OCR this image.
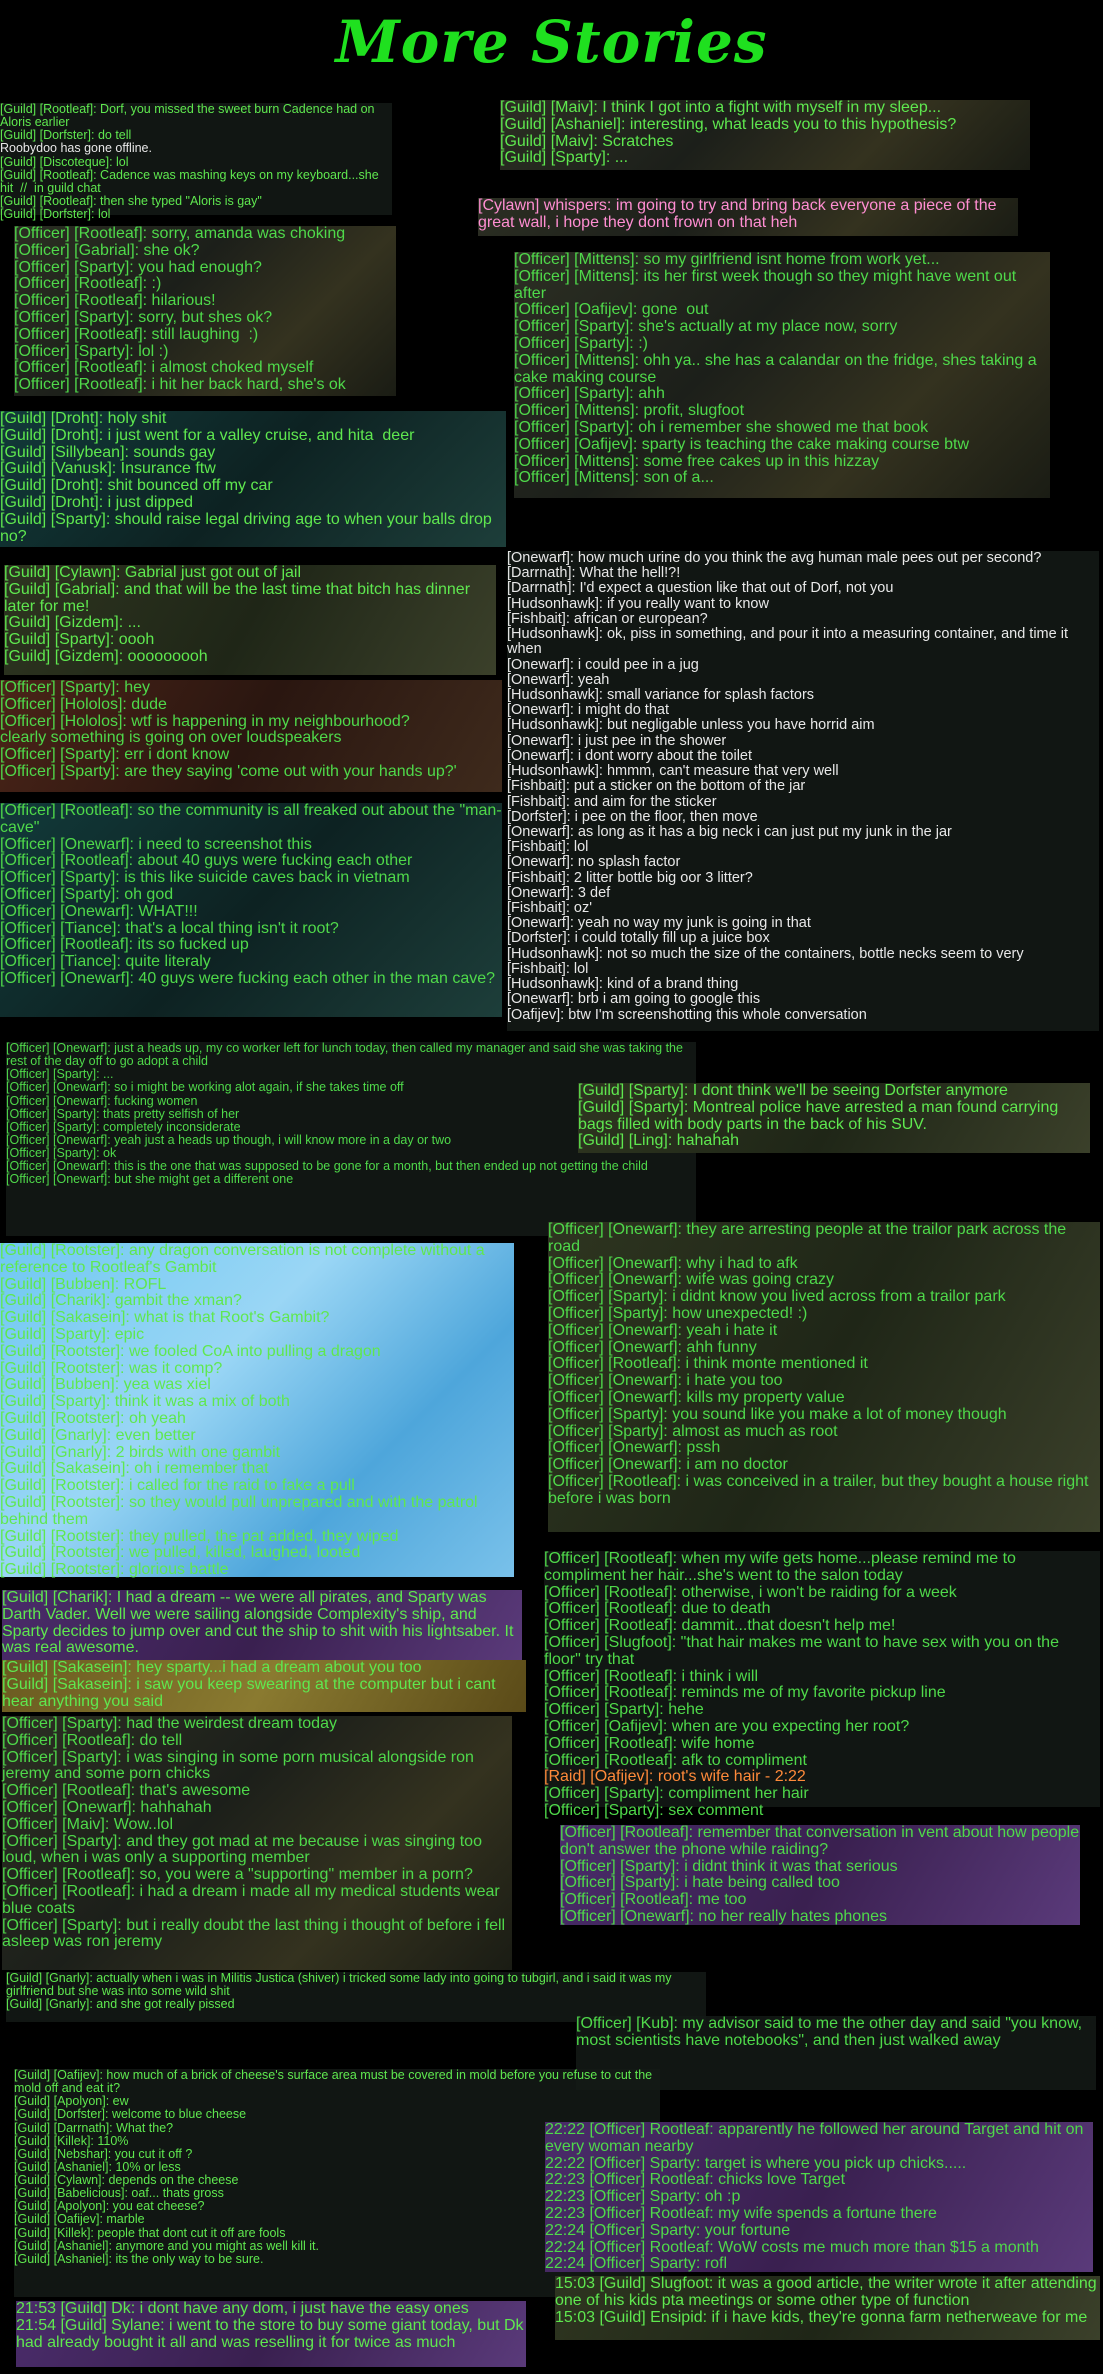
More Stories
[Guild] [Rootleaf]: Dorf, you missed the sweet burn Cadence had on Aloris earlier
[Guild] [Dorfster]: do tell
Roobydoo has gone offline.
[Guild] [Discoteque]: lol
[Guild] [Rootleaf]: Cadence was mashing keys on my keyboard...she hit  //  in guild chat
[Guild] [Rootleaf]: then she typed "Aloris is gay"
[Guild] [Dorfster]: lol
[Guild] [Maiv]: I think I got into a fight with myself in my sleep...
[Guild] [Ashaniel]: interesting, what leads you to this hypothesis?
[Guild] [Maiv]: Scratches
[Guild] [Sparty]: ...
[Cylawn] whispers: im going to try and bring back everyone a piece of the great wall, i hope they dont frown on that heh
[Officer] [Rootleaf]: sorry, amanda was choking
[Officer] [Gabrial]: she ok?
[Officer] [Sparty]: you had enough?
[Officer] [Rootleaf]: :)
[Officer] [Rootleaf]: hilarious!
[Officer] [Sparty]: sorry, but shes ok?
[Officer] [Rootleaf]: still laughing  :)
[Officer] [Sparty]: lol :)
[Officer] [Rootleaf]: i almost choked myself
[Officer] [Rootleaf]: i hit her back hard, she's ok
[Officer] [Mittens]: so my girlfriend isnt home from work yet...
[Officer] [Mittens]: its her first week though so they might have went out after
[Officer] [Oafijev]: gone  out
[Officer] [Sparty]: she's actually at my place now, sorry
[Officer] [Sparty]: :)
[Officer] [Mittens]: ohh ya.. she has a calandar on the fridge, shes taking a cake making course
[Officer] [Sparty]: ahh
[Officer] [Mittens]: profit, slugfoot
[Officer] [Sparty]: oh i remember she showed me that book
[Officer] [Oafijev]: sparty is teaching the cake making course btw
[Officer] [Mittens]: some free cakes up in this hizzay
[Officer] [Mittens]: son of a...
[Guild] [Droht]: holy shit
[Guild] [Droht]: i just went for a valley cruise, and hita  deer
[Guild] [Sillybean]: sounds gay
[Guild] [Vanusk]: Insurance ftw
[Guild] [Droht]: shit bounced off my car
[Guild] [Droht]: i just dipped
[Guild] [Sparty]: should raise legal driving age to when your balls drop no?
[Guild] [Cylawn]: Gabrial just got out of jail
[Guild] [Gabrial]: and that will be the last time that bitch has dinner later for me!
[Guild] [Gizdem]: ...
[Guild] [Sparty]: oooh
[Guild] [Gizdem]: ooooooooh
[Onewarf]: how much urine do you think the avg human male pees out per second?
[Darrnath]: What the hell!?!
[Darrnath]: I'd expect a question like that out of Dorf, not you
[Hudsonhawk]: if you really want to know
[Fishbait]: african or european?
[Hudsonhawk]: ok, piss in something, and pour it into a measuring container, and time it when
[Onewarf]: i could pee in a jug
[Onewarf]: yeah
[Hudsonhawk]: small variance for splash factors
[Onewarf]: i might do that
[Hudsonhawk]: but negligable unless you have horrid aim
[Onewarf]: i just pee in the shower
[Onewarf]: i dont worry about the toilet
[Hudsonhawk]: hmmm, can't measure that very well
[Fishbait]: put a sticker on the bottom of the jar
[Fishbait]: and aim for the sticker
[Dorfster]: i pee on the floor, then move
[Onewarf]: as long as it has a big neck i can just put my junk in the jar
[Fishbait]: lol
[Onewarf]: no splash factor
[Fishbait]: 2 litter bottle big oor 3 litter?
[Onewarf]: 3 def
[Fishbait]: oz'
[Onewarf]: yeah no way my junk is going in that
[Dorfster]: i could totally fill up a juice box
[Hudsonhawk]: not so much the size of the containers, bottle necks seem to very
[Fishbait]: lol
[Hudsonhawk]: kind of a brand thing
[Onewarf]: brb i am going to google this
[Oafijev]: btw I'm screenshotting this whole conversation
[Officer] [Sparty]: hey
[Officer] [Hololos]: dude
[Officer] [Hololos]: wtf is happening in my neighbourhood?
clearly something is going on over loudspeakers
[Officer] [Sparty]: err i dont know
[Officer] [Sparty]: are they saying 'come out with your hands up?'
[Officer] [Rootleaf]: so the community is all freaked out about the "man-cave"
[Officer] [Onewarf]: i need to screenshot this
[Officer] [Rootleaf]: about 40 guys were fucking each other
[Officer] [Sparty]: is this like suicide caves back in vietnam
[Officer] [Sparty]: oh god
[Officer] [Onewarf]: WHAT!!!
[Officer] [Tiance]: that's a local thing isn't it root?
[Officer] [Rootleaf]: its so fucked up
[Officer] [Tiance]: quite literaly
[Officer] [Onewarf]: 40 guys were fucking each other in the man cave?
[Officer] [Onewarf]: just a heads up, my co worker left for lunch today, then called my manager and said she was taking the rest of the day off to go adopt a child
[Officer] [Sparty]: ...
[Officer] [Onewarf]: so i might be working alot again, if she takes time off
[Officer] [Onewarf]: fucking women
[Officer] [Sparty]: thats pretty selfish of her
[Officer] [Sparty]: completely inconsiderate
[Officer] [Onewarf]: yeah just a heads up though, i will know more in a day or two
[Officer] [Sparty]: ok
[Officer] [Onewarf]: this is the one that was supposed to be gone for a month, but then ended up not getting the child
[Officer] [Onewarf]: but she might get a different one
[Guild] [Sparty]: I dont think we'll be seeing Dorfster anymore
[Guild] [Sparty]: Montreal police have arrested a man found carrying bags filled with body parts in the back of his SUV.
[Guild] [Ling]: hahahah
[Guild] [Rootster]: any dragon conversation is not complete without a reference to Rootleaf's Gambit
[Guild] [Bubben]: ROFL
[Guild] [Charik]: gambit the xman?
[Guild] [Sakasein]: what is that Root's Gambit?
[Guild] [Sparty]: epic
[Guild] [Rootster]: we fooled CoA into pulling a dragon
[Guild] [Rootster]: was it comp?
[Guild] [Bubben]: yea was xiel
[Guild] [Sparty]: think it was a mix of both
[Guild] [Rootster]: oh yeah
[Guild] [Gnarly]: even better
[Guild] [Gnarly]: 2 birds with one gambit
[Guild] [Sakasein]: oh i remember that
[Guild] [Rootster]: i called for the raid to fake a pull
[Guild] [Rootster]: so they would pull unprepared and with the patrol behind them
[Guild] [Rootster]: they pulled, the pat added, they wiped
[Guild] [Rootster]: we pulled, killed, laughed, looted
[Guild] [Rootster]: glorious battle
[Officer] [Onewarf]: they are arresting people at the trailor park across the road
[Officer] [Onewarf]: why i had to afk
[Officer] [Onewarf]: wife was going crazy
[Officer] [Sparty]: i didnt know you lived across from a trailor park
[Officer] [Sparty]: how unexpected! :)
[Officer] [Onewarf]: yeah i hate it
[Officer] [Onewarf]: ahh funny
[Officer] [Rootleaf]: i think monte mentioned it
[Officer] [Onewarf]: i hate you too
[Officer] [Onewarf]: kills my property value
[Officer] [Sparty]: you sound like you make a lot of money though
[Officer] [Sparty]: almost as much as root
[Officer] [Onewarf]: pssh
[Officer] [Onewarf]: i am no doctor
[Officer] [Rootleaf]: i was conceived in a trailer, but they bought a house right before i was born
[Guild] [Charik]: I had a dream -- we were all pirates, and Sparty was Darth Vader. Well we were sailing alongside Complexity's ship, and Sparty decides to jump over and cut the ship to shit with his lightsaber. It was real awesome.
[Guild] [Sakasein]: hey sparty...i had a dream about you too
[Guild] [Sakasein]: i saw you keep swearing at the computer but i cant hear anything you said
[Officer] [Rootleaf]: when my wife gets home...please remind me to compliment her hair...she's went to the salon today
[Officer] [Rootleaf]: otherwise, i won't be raiding for a week
[Officer] [Rootleaf]: due to death
[Officer] [Rootleaf]: dammit...that doesn't help me!
[Officer] [Slugfoot]: "that hair makes me want to have sex with you on the floor" try that
[Officer] [Rootleaf]: i think i will
[Officer] [Rootleaf]: reminds me of my favorite pickup line
[Officer] [Sparty]: hehe
[Officer] [Oafijev]: when are you expecting her root?
[Officer] [Rootleaf]: wife home
[Officer] [Rootleaf]: afk to compliment
[Raid] [Oafijev]: root's wife hair - 2:22
[Officer] [Sparty]: compliment her hair
[Officer] [Sparty]: sex comment
[Officer] [Sparty]: had the weirdest dream today
[Officer] [Rootleaf]: do tell
[Officer] [Sparty]: i was singing in some porn musical alongside ron jeremy and some porn chicks
[Officer] [Rootleaf]: that's awesome
[Officer] [Onewarf]: hahhahah
[Officer] [Maiv]: Wow..lol
[Officer] [Sparty]: and they got mad at me because i was singing too loud, when i was only a supporting member
[Officer] [Rootleaf]: so, you were a "supporting" member in a porn?
[Officer] [Rootleaf]: i had a dream i made all my medical students wear blue coats
[Officer] [Sparty]: but i really doubt the last thing i thought of before i fell asleep was ron jeremy
[Officer] [Rootleaf]: remember that conversation in vent about how people don't answer the phone while raiding?
[Officer] [Sparty]: i didnt think it was that serious
[Officer] [Sparty]: i hate being called too
[Officer] [Rootleaf]: me too
[Officer] [Onewarf]: no her really hates phones
[Guild] [Gnarly]: actually when i was in Militis Justica (shiver) i tricked some lady into going to tubgirl, and i said it was my girlfriend but she was into some wild shit
[Guild] [Gnarly]: and she got really pissed
[Officer] [Kub]: my advisor said to me the other day and said "you know, most scientists have notebooks", and then just walked away
[Guild] [Oafijev]: how much of a brick of cheese's surface area must be covered in mold before you refuse to cut the mold off and eat it?
[Guild] [Apolyon]: ew
[Guild] [Dorfster]: welcome to blue cheese
[Guild] [Darrnath]: What the?
[Guild] [Killek]: 110%
[Guild] [Nebshar]: you cut it off ?
[Guild] [Ashaniel]: 10% or less
[Guild] [Cylawn]: depends on the cheese
[Guild] [Babelicious]: oaf... thats gross
[Guild] [Apolyon]: you eat cheese?
[Guild] [Oafijev]: marble
[Guild] [Killek]: people that dont cut it off are fools
[Guild] [Ashaniel]: anymore and you might as well kill it.
[Guild] [Ashaniel]: its the only way to be sure.
22:22 [Officer] Rootleaf: apparently he followed her around Target and hit on every woman nearby
22:22 [Officer] Sparty: target is where you pick up chicks.....
22:23 [Officer] Rootleaf: chicks love Target
22:23 [Officer] Sparty: oh :p
22:23 [Officer] Rootleaf: my wife spends a fortune there
22:24 [Officer] Sparty: your fortune
22:24 [Officer] Rootleaf: WoW costs me much more than $15 a month
22:24 [Officer] Sparty: rofl
21:53 [Guild] Dk: i dont have any dom, i just have the easy ones
21:54 [Guild] Sylane: i went to the store to buy some giant today, but Dk had already bought it all and was reselling it for twice as much
15:03 [Guild] Slugfoot: it was a good article, the writer wrote it after attending one of his kids pta meetings or some other type of function
15:03 [Guild] Ensipid: if i have kids, they're gonna farm netherweave for me
